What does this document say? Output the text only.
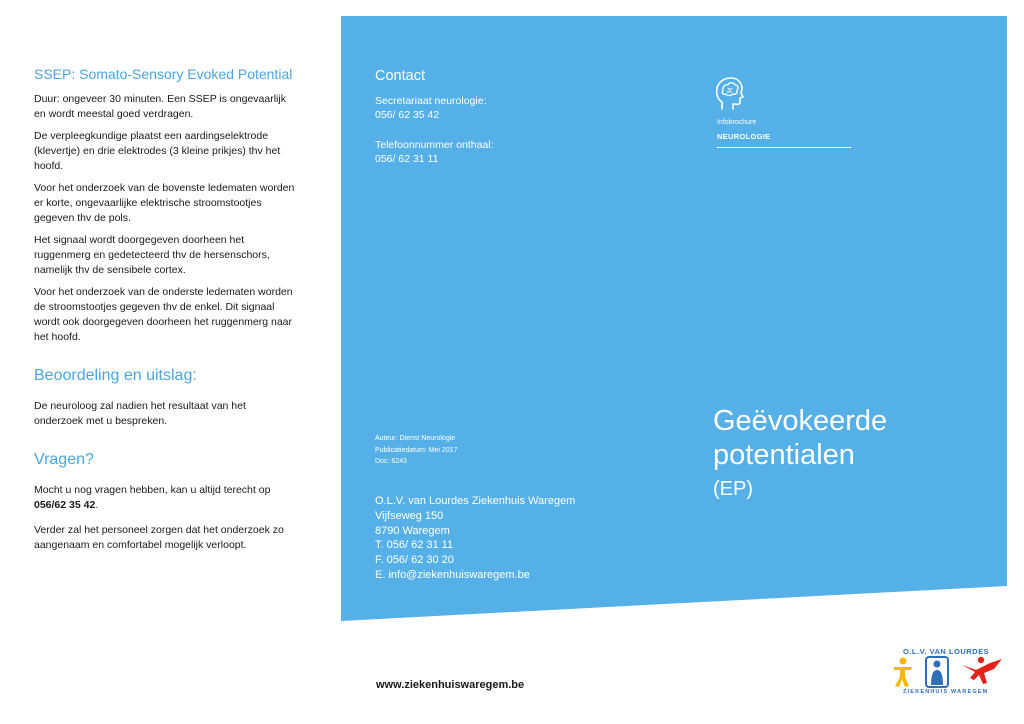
SSEP: Somato-Sensory Evoked Potential

Duur: ongeveer 30 minuten. Een SSEP is ongevaarlijk en wordt meestal goed verdragen.

De verpleegkundige plaatst een aardingselektrode (klevertje) en drie elektrodes (3 kleine prikjes) thv het hoofd.

Voor het onderzoek van de bovenste ledematen worden er korte, ongevaarlijke elektrische stroomstootjes gegeven thv de pols.

Het signaal wordt doorgegeven doorheen het ruggenmerg en gedetecteerd thv de hersenschors, namelijk thv de sensibele cortex.

Voor het onderzoek van de onderste ledematen worden de stroomstootjes gegeven thv de enkel. Dit signaal wordt ook doorgegeven doorheen het ruggenmerg naar het hoofd.

Beoordeling en uitslag:

De neuroloog zal nadien het resultaat van het onderzoek met u bespreken.

Vragen?

Mocht u nog vragen hebben, kan u altijd terecht op 056/62 35 42.

Verder zal het personeel zorgen dat het onderzoek zo aangenaam en comfortabel mogelijk verloopt.

Contact
Secretariaat neurologie:
056/ 62 35 42
Telefoonnummer onthaal:
056/ 62 31 11
Infobrochure
NEUROLOGIE
Auteur: Dienst Neurologie
Publicatiedatum: Mei 2017
Doc: 6243
Geëvokeerde
potentialen
(EP)
O.L.V. van Lourdes Ziekenhuis Waregem
Vijfseweg 150
8790 Waregem
T. 056/ 62 31 11
F. 056/ 62 30 20
E. info@ziekenhuiswaregem.be
www.ziekenhuiswaregem.be
O.L.V. VAN LOURDES
ZIEKENHUIS WAREGEM
